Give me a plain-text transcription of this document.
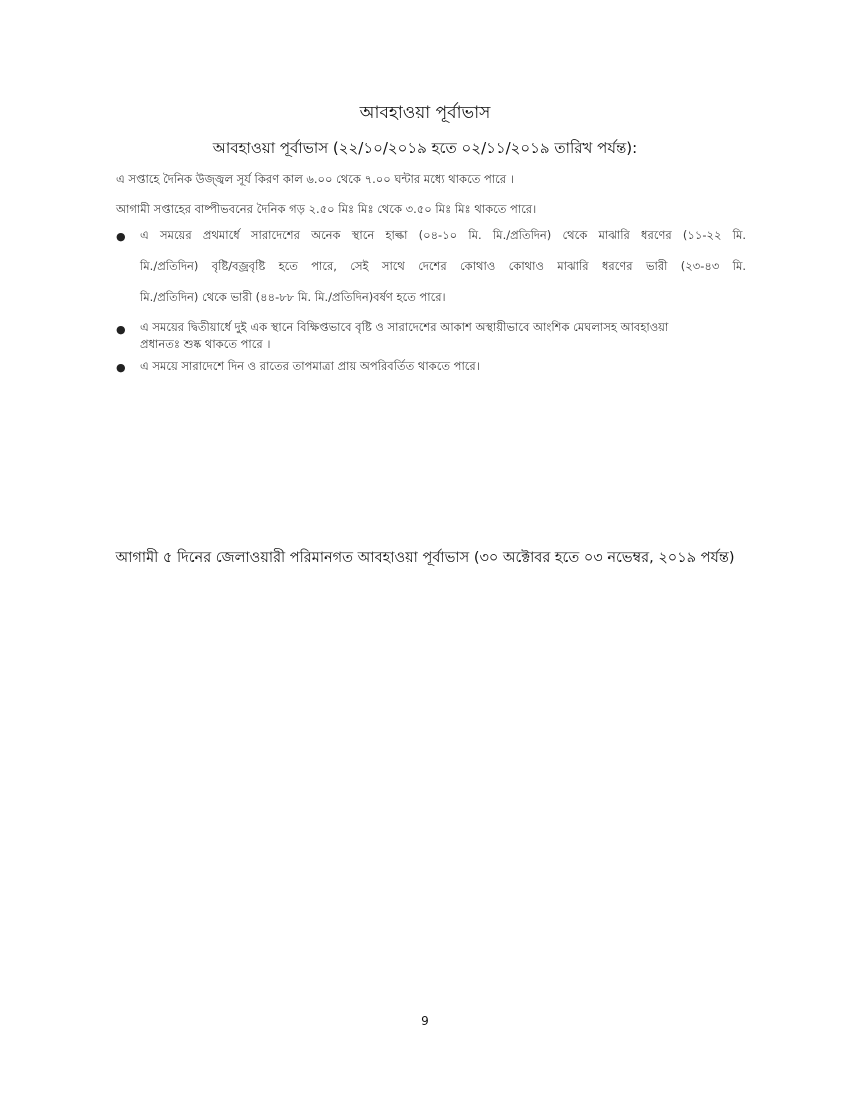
আবহাওয়া পূর্বাভাস
আবহাওয়া পূর্বাভাস (২২/১০/২০১৯ হতে ০২/১১/২০১৯ তারিখ পর্যন্ত):
এ সপ্তাহে দৈনিক উজ্জ্বল সূর্য কিরণ কাল ৬.০০ থেকে ৭.০০ ঘন্টার মধ্যে থাকতে পারে ।
আগামী সপ্তাহের বাষ্পীভবনের দৈনিক গড় ২.৫০ মিঃ মিঃ থেকে ৩.৫০ মিঃ মিঃ থাকতে পারে।
● এ সময়ের প্রথমার্ধে সারাদেশের অনেক স্থানে হাল্কা (০৪-১০ মি. মি./প্রতিদিন) থেকে মাঝারি ধরণের (১১-২২ মি.
মি./প্রতিদিন) বৃষ্টি/বজ্রবৃষ্টি হতে পারে, সেই সাথে দেশের কোথাও কোথাও মাঝারি ধরণের ভারী (২৩-৪৩ মি.
মি./প্রতিদিন) থেকে ভারী (৪৪-৮৮ মি. মি./প্রতিদিন)বর্ষণ হতে পারে।
● এ সময়ের দ্বিতীয়ার্ধে দুই এক স্থানে বিক্ষিপ্তভাবে বৃষ্টি ও সারাদেশের আকাশ অস্থায়ীভাবে আংশিক মেঘলাসহ আবহাওয়া
প্রধানতঃ শুষ্ক থাকতে পারে ।
● এ সময়ে সারাদেশে দিন ও রাতের তাপমাত্রা প্রায় অপরিবর্তিত থাকতে পারে।
আগামী ৫ দিনের জেলাওয়ারী পরিমানগত আবহাওয়া পূর্বাভাস (৩০ অক্টোবর হতে ০৩ নভেম্বর, ২০১৯ পর্যন্ত)
9
